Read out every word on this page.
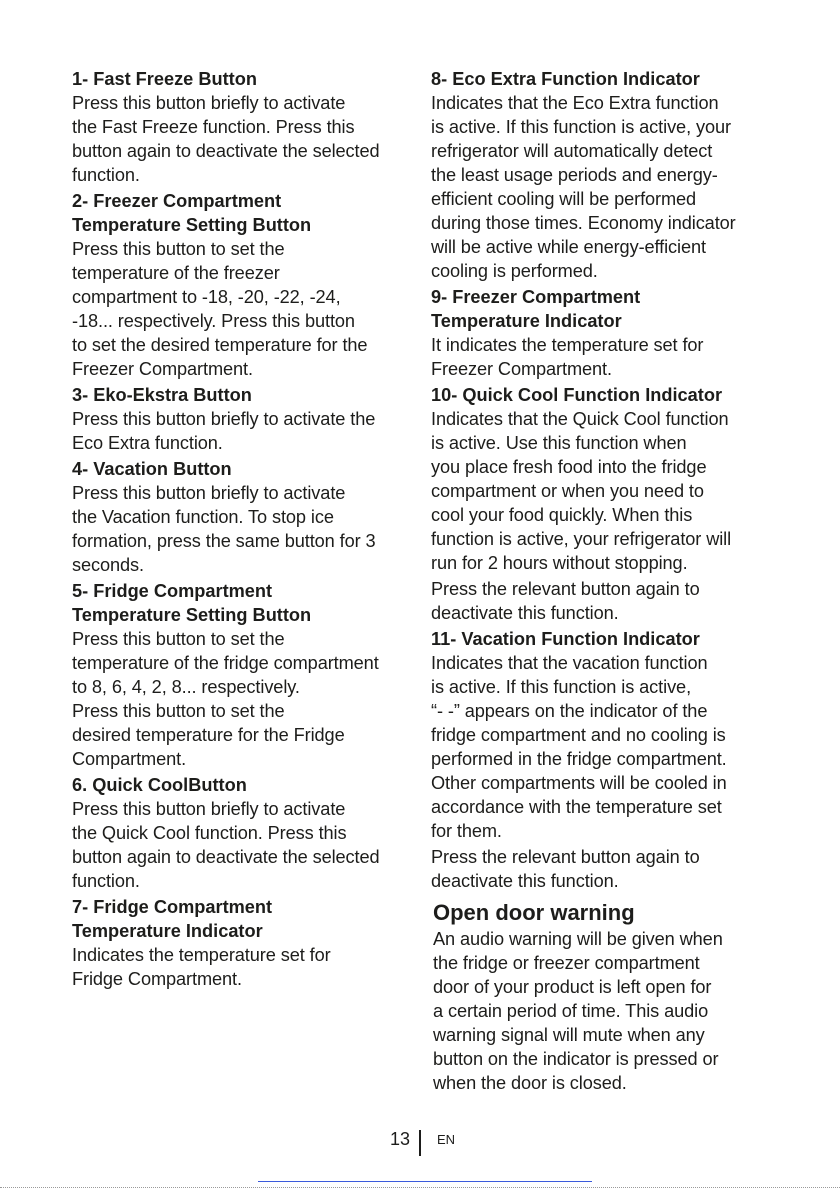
1- Fast Freeze Button

Press this button briefly to activate
the Fast Freeze function. Press this
button again to deactivate the selected
function.

2- Freezer Compartment
Temperature Setting Button

Press this button to set the
temperature of the freezer
compartment to -18, -20, -22, -24,
-18... respectively. Press this button
to set the desired temperature for the
Freezer Compartment.

3- Eko-Ekstra Button

Press this button briefly to activate the
Eco Extra function.

4- Vacation Button

Press this button briefly to activate
the Vacation function. To stop ice
formation, press the same button for 3
seconds.

5- Fridge Compartment
Temperature Setting Button

Press this button to set the
temperature of the fridge compartment
to 8, 6, 4, 2, 8... respectively.
Press this button to set the
desired temperature for the Fridge
Compartment.

6. Quick CoolButton

Press this button briefly to activate
the Quick Cool function. Press this
button again to deactivate the selected
function.

7- Fridge Compartment
Temperature Indicator

Indicates the temperature set for
Fridge Compartment.

8- Eco Extra Function Indicator

Indicates that the Eco Extra function
is active. If this function is active, your
refrigerator will automatically detect
the least usage periods and energy-
efficient cooling will be performed
during those times. Economy indicator
will be active while energy-efficient
cooling is performed.

9- Freezer Compartment
Temperature Indicator

It indicates the temperature set for
Freezer Compartment.

10- Quick Cool Function Indicator

Indicates that the Quick Cool function
is active. Use this function when
you place fresh food into the fridge
compartment or when you need to
cool your food quickly. When this
function is active, your refrigerator will
run for 2 hours without stopping.

Press the relevant button again to
deactivate this function.

11- Vacation Function Indicator

Indicates that the vacation function
is active. If this function is active,
“- -” appears on the indicator of the
fridge compartment and no cooling is
performed in the fridge compartment.
Other compartments will be cooled in
accordance with the temperature set
for them.

Press the relevant button again to
deactivate this function.

Open door warning

An audio warning will be given when
the fridge or freezer compartment
door of your product is left open for
a certain period of time. This audio
warning signal will mute when any
button on the indicator is pressed or
when the door is closed.

13 EN
